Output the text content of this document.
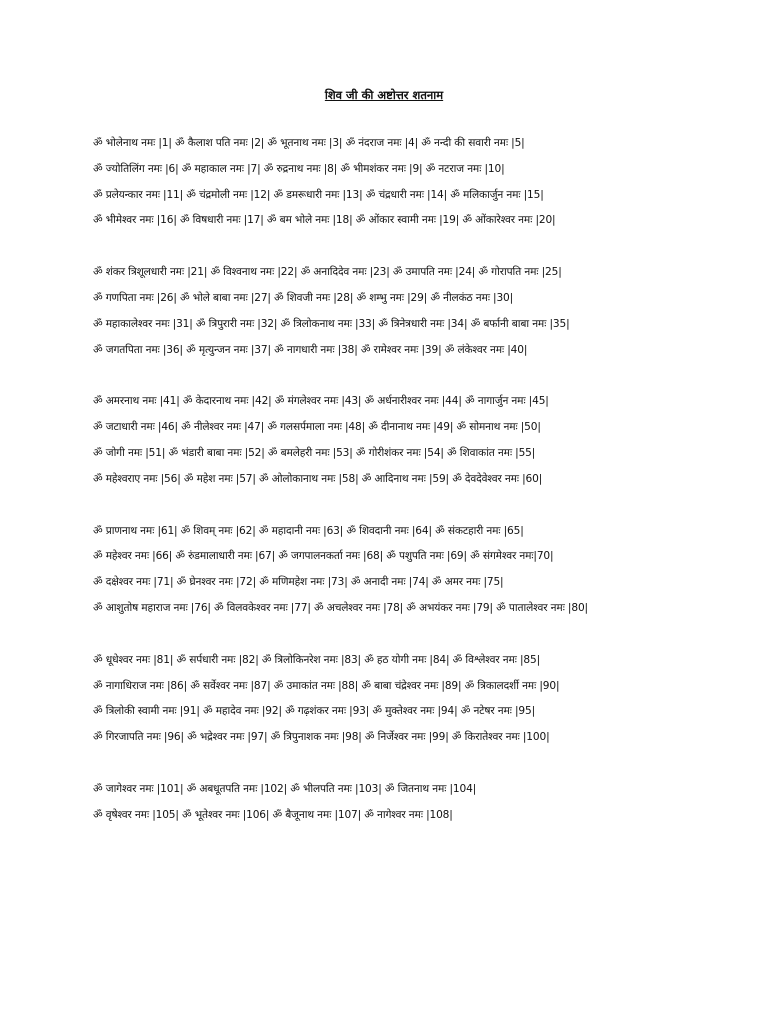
शिव जी की अष्टोत्तर शतनाम
ॐ भोलेनाथ नमः |1| ॐ कैलाश पति नमः |2| ॐ भूतनाथ नमः |3| ॐ नंदराज नमः |4| ॐ नन्दी की सवारी नमः |5|
ॐ ज्योतिलिंग नमः |6| ॐ महाकाल नमः |7| ॐ रुद्रनाथ नमः |8| ॐ भीमशंकर नमः |9| ॐ नटराज नमः |10|
ॐ प्रलेयन्कार नमः |11| ॐ चंद्रमोली नमः |12| ॐ डमरूधारी नमः |13| ॐ चंद्रधारी नमः |14| ॐ मलिकार्जुन नमः |15|
ॐ भीमेश्वर नमः |16| ॐ विषधारी नमः |17| ॐ बम भोले नमः |18| ॐ ओंकार स्वामी नमः |19| ॐ ओंकारेश्वर नमः |20|
ॐ शंकर त्रिशूलधारी नमः |21| ॐ विश्वनाथ नमः |22| ॐ अनादिदेव नमः |23| ॐ उमापति नमः |24| ॐ गोरापति नमः |25|
ॐ गणपिता नमः |26| ॐ भोले बाबा नमः |27| ॐ शिवजी नमः |28| ॐ शम्भु नमः |29| ॐ नीलकंठ नमः |30|
ॐ महाकालेश्वर नमः |31| ॐ त्रिपुरारी नमः |32| ॐ त्रिलोकनाथ नमः |33| ॐ त्रिनेत्रधारी नमः |34| ॐ बर्फानी बाबा नमः |35|
ॐ जगतपिता नमः |36| ॐ मृत्युन्जन नमः |37| ॐ नागधारी नमः |38| ॐ रामेश्वर नमः |39| ॐ लंकेश्वर नमः |40|
ॐ अमरनाथ नमः |41| ॐ केदारनाथ नमः |42| ॐ मंगलेश्वर नमः |43| ॐ अर्धनारीश्वर नमः |44| ॐ नागार्जुन नमः |45|
ॐ जटाधारी नमः |46| ॐ नीलेश्वर नमः |47| ॐ गलसर्पमाला नमः |48| ॐ दीनानाथ नमः |49| ॐ सोमनाथ नमः |50|
ॐ जोगी नमः |51| ॐ भंडारी बाबा नमः |52| ॐ बमलेहरी नमः |53| ॐ गोरीशंकर नमः |54| ॐ शिवाकांत नमः |55|
ॐ महेश्वराए नमः |56| ॐ महेश नमः |57| ॐ ओलोकानाथ नमः |58| ॐ आदिनाथ नमः |59| ॐ देवदेवेश्वर नमः |60|
ॐ प्राणनाथ नमः |61| ॐ शिवम् नमः |62| ॐ महादानी नमः |63| ॐ शिवदानी नमः |64| ॐ संकटहारी नमः |65|
ॐ महेश्वर नमः |66| ॐ रुंडमालाधारी नमः |67| ॐ जगपालनकर्ता नमः |68| ॐ पशुपति नमः |69| ॐ संगमेश्वर नमः|70|
ॐ दक्षेश्वर नमः |71| ॐ घ्रेनश्वर नमः |72| ॐ मणिमहेश नमः |73| ॐ अनादी नमः |74| ॐ अमर नमः |75|
ॐ आशुतोष महाराज नमः |76| ॐ विलवकेश्वर नमः |77| ॐ अचलेश्वर नमः |78| ॐ अभयंकर नमः |79| ॐ पातालेश्वर नमः |80|
ॐ धूधेश्वर नमः |81| ॐ सर्पधारी नमः |82| ॐ त्रिलोकिनरेश नमः |83| ॐ हठ योगी नमः |84| ॐ विश्लेश्वर नमः |85|
ॐ नागाधिराज नमः |86| ॐ सर्वेश्वर नमः |87| ॐ उमाकांत नमः |88| ॐ बाबा चंद्रेश्वर नमः |89| ॐ त्रिकालदर्शी नमः |90|
ॐ त्रिलोकी स्वामी नमः |91| ॐ महादेव नमः |92| ॐ गढ़शंकर नमः |93| ॐ मुक्तेश्वर नमः |94| ॐ नटेषर नमः |95|
ॐ गिरजापति नमः |96| ॐ भद्रेश्वर नमः |97| ॐ त्रिपुनाशक नमः |98| ॐ निर्जेश्वर नमः |99| ॐ किरातेश्वर नमः |100|
ॐ जागेश्वर नमः |101| ॐ अबधूतपति नमः |102| ॐ भीलपति नमः |103| ॐ जितनाथ नमः |104|
ॐ वृषेश्वर नमः |105| ॐ भूतेश्वर नमः |106| ॐ बैजूनाथ नमः |107| ॐ नागेश्वर नमः |108|
